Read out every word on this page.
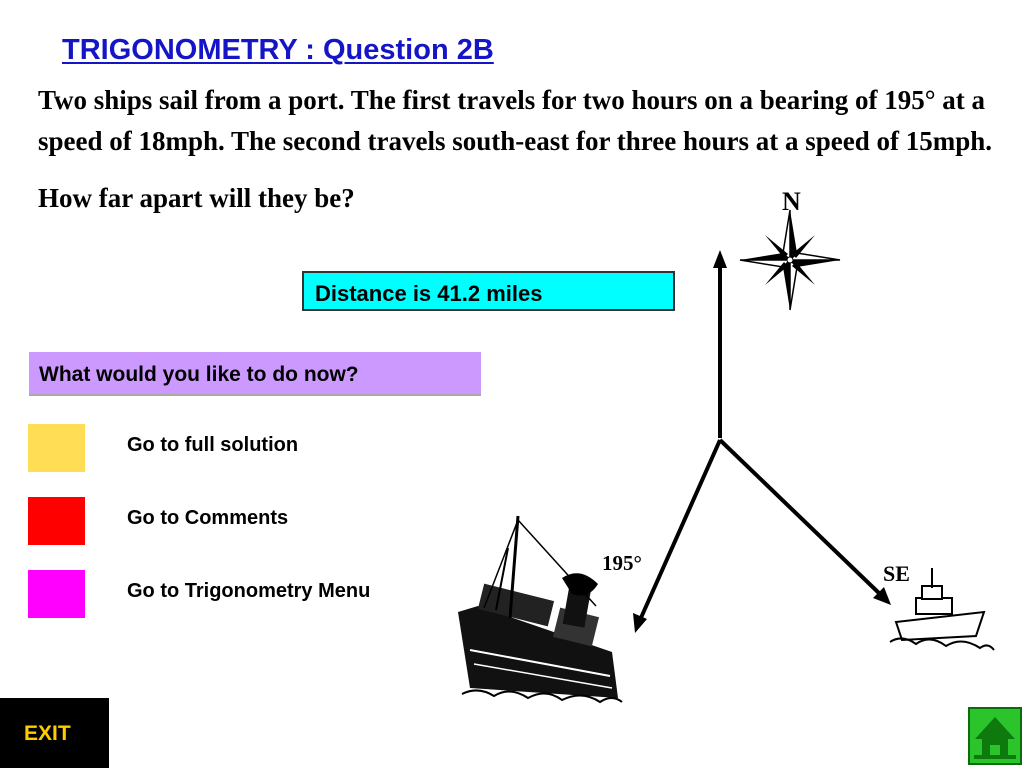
TRIGONOMETRY : Question 2B

Two ships sail from a port. The first travels for two hours on a bearing of 195° at a speed of 18mph. The second travels south-east for three hours at a speed of 15mph.

How far apart will they be?

Distance is 41.2 miles
What would you like to do now?
Go to full solution
Go to Comments
Go to Trigonometry Menu
N
195°	SE
EXIT
